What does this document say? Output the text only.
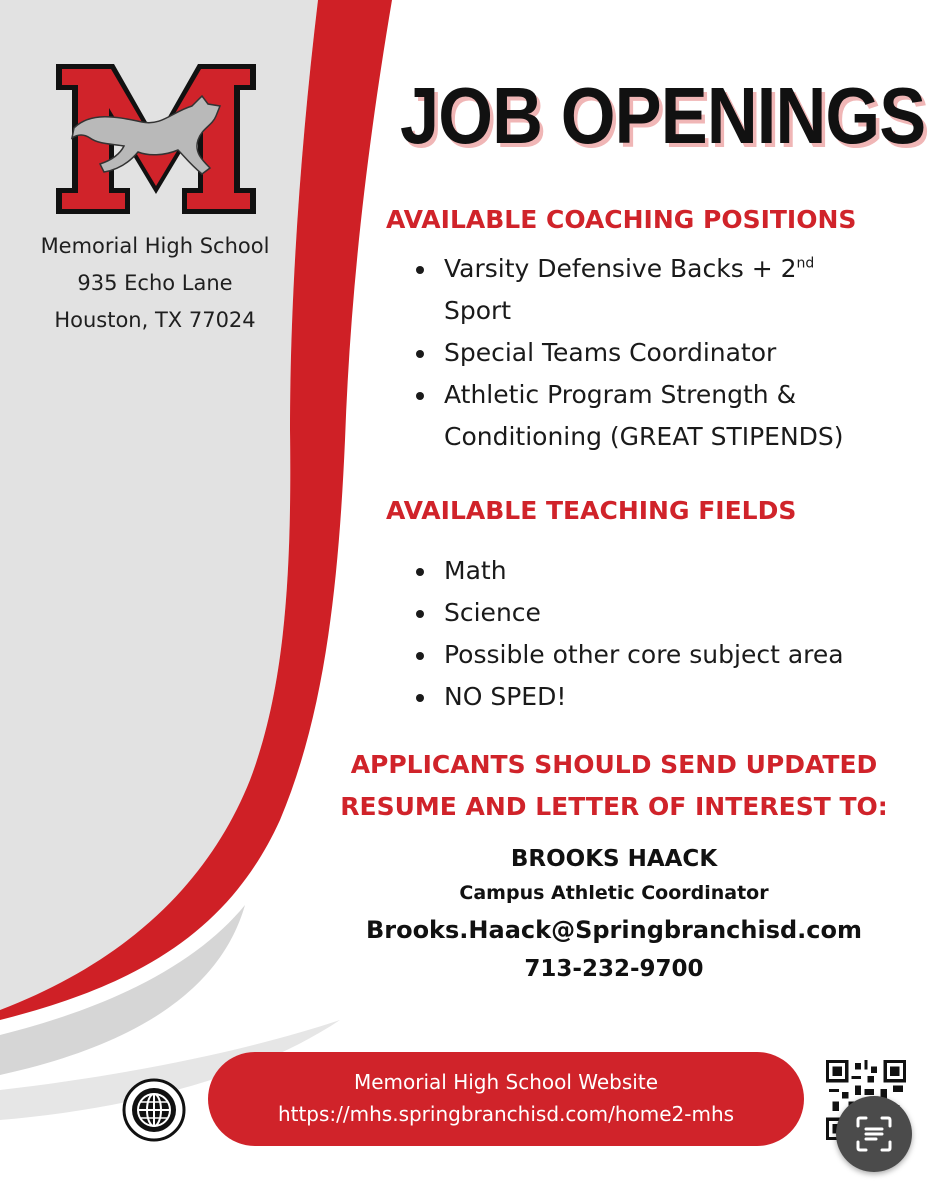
Memorial High School
935 Echo Lane
Houston, TX 77024
JOB OPENINGS
AVAILABLE COACHING POSITIONS
Varsity Defensive Backs + 2nd
Sport
Special Teams Coordinator
Athletic Program Strength & Conditioning (GREAT STIPENDS)
AVAILABLE TEACHING FIELDS
Math
Science
Possible other core subject area
NO SPED!
APPLICANTS SHOULD SEND UPDATED
RESUME AND LETTER OF INTEREST TO:
BROOKS HAACK
Campus Athletic Coordinator
Brooks.Haack@Springbranchisd.com
713-232-9700
Memorial High School Website
https://mhs.springbranchisd.com/home2-mhs
